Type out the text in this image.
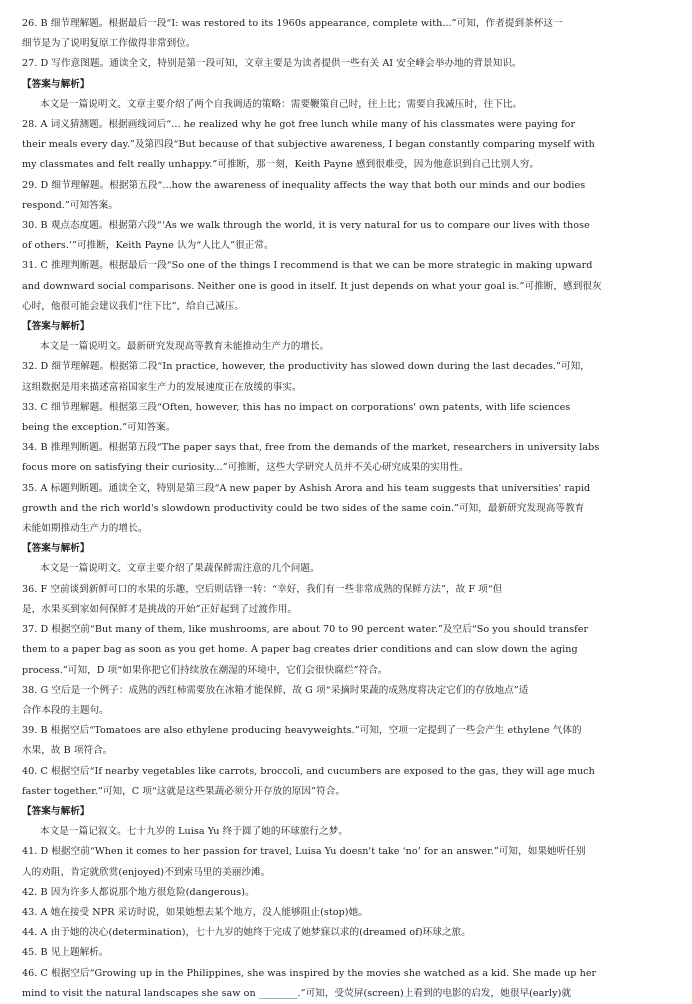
26. B 细节理解题。根据最后一段“I: was restored to its 1960s appearance, complete with...”可知，作者提到茶杯这一
细节是为了说明复原工作做得非常到位。
27. D 写作意图题。通读全文，特别是第一段可知，文章主要是为读者提供一些有关 AI 安全峰会举办地的背景知识。
【答案与解析】
本文是一篇说明文。文章主要介绍了两个自我调适的策略：需要鞭策自己时，往上比；需要自我减压时，往下比。
28. A 词义猜测题。根据画线词后“... he realized why he got free lunch while many of his classmates were paying for
their meals every day.”及第四段“But because of that subjective awareness, I began constantly comparing myself with
my classmates and felt really unhappy.”可推断，那一刻，Keith Payne 感到很难受，因为他意识到自己比别人穷。
29. D 细节理解题。根据第五段“...how the awareness of inequality affects the way that both our minds and our bodies
respond.”可知答案。
30. B 观点态度题。根据第六段“‘As we walk through the world, it is very natural for us to compare our lives with those
of others.’”可推断，Keith Payne 认为“人比人”很正常。
31. C 推理判断题。根据最后一段“So one of the things I recommend is that we can be more strategic in making upward
and downward social comparisons. Neither one is good in itself. It just depends on what your goal is.”可推断，感到很灰
心时，他很可能会建议我们“往下比”，给自己减压。
【答案与解析】
本文是一篇说明文。最新研究发现高等教育未能推动生产力的增长。
32. D 细节理解题。根据第二段“In practice, however, the productivity has slowed down during the last decades.”可知，
这组数据是用来描述富裕国家生产力的发展速度正在放缓的事实。
33. C 细节理解题。根据第三段“Often, however, this has no impact on corporations' own patents, with life sciences
being the exception.”可知答案。
34. B 推理判断题。根据第五段“The paper says that, free from the demands of the market, researchers in university labs
focus more on satisfying their curiosity...”可推断，这些大学研究人员并不关心研究成果的实用性。
35. A 标题判断题。通读全文，特别是第三段“A new paper by Ashish Arora and his team suggests that universities' rapid
growth and the rich world's slowdown productivity could be two sides of the same coin.”可知，最新研究发现高等教育
未能如期推动生产力的增长。
【答案与解析】
本文是一篇说明文。文章主要介绍了果蔬保鲜需注意的几个问题。
36. F 空前谈到新鲜可口的水果的乐趣，空后则话锋一转：“幸好，我们有一些非常成熟的保鲜方法”，故 F 项“但
是，水果买到家如何保鲜才是挑战的开始”正好起到了过渡作用。
37. D 根据空前“But many of them, like mushrooms, are about 70 to 90 percent water.”及空后“So you should transfer
them to a paper bag as soon as you get home. A paper bag creates drier conditions and can slow down the aging
process.”可知，D 项“如果你把它们持续放在潮湿的环境中，它们会很快腐烂”符合。
38. G 空后是一个例子：成熟的西红柿需要放在冰箱才能保鲜，故 G 项“采摘时果蔬的成熟度将决定它们的存放地点”适
合作本段的主题句。
39. B 根据空后“Tomatoes are also ethylene producing heavyweights.”可知，空项一定提到了一些会产生 ethylene 气体的
水果，故 B 项符合。
40. C 根据空后“If nearby vegetables like carrots, broccoli, and cucumbers are exposed to the gas, they will age much
faster together.”可知，C 项“这就是这些果蔬必须分开存放的原因”符合。
【答案与解析】
本文是一篇记叙文。七十九岁的 Luisa Yu 终于圆了她的环球旅行之梦。
41. D 根据空前“When it comes to her passion for travel, Luisa Yu doesn't take ‘no’ for an answer.”可知，如果她听任别
人的劝阻，肯定就欣赏(enjoyed)不到索马里的美丽沙滩。
42. B 因为许多人都说那个地方很危险(dangerous)。
43. A 她在接受 NPR 采访时说，如果她想去某个地方，没人能够阻止(stop)她。
44. A 由于她的决心(determination)，七十九岁的她终于完成了她梦寐以求的(dreamed of)环球之旅。
45. B 见上题解析。
46. C 根据空后“Growing up in the Philippines, she was inspired by the movies she watched as a kid. She made up her
mind to visit the natural landscapes she saw on ________.”可知，受荧屏(screen)上看到的电影的启发，她很早(early)就
